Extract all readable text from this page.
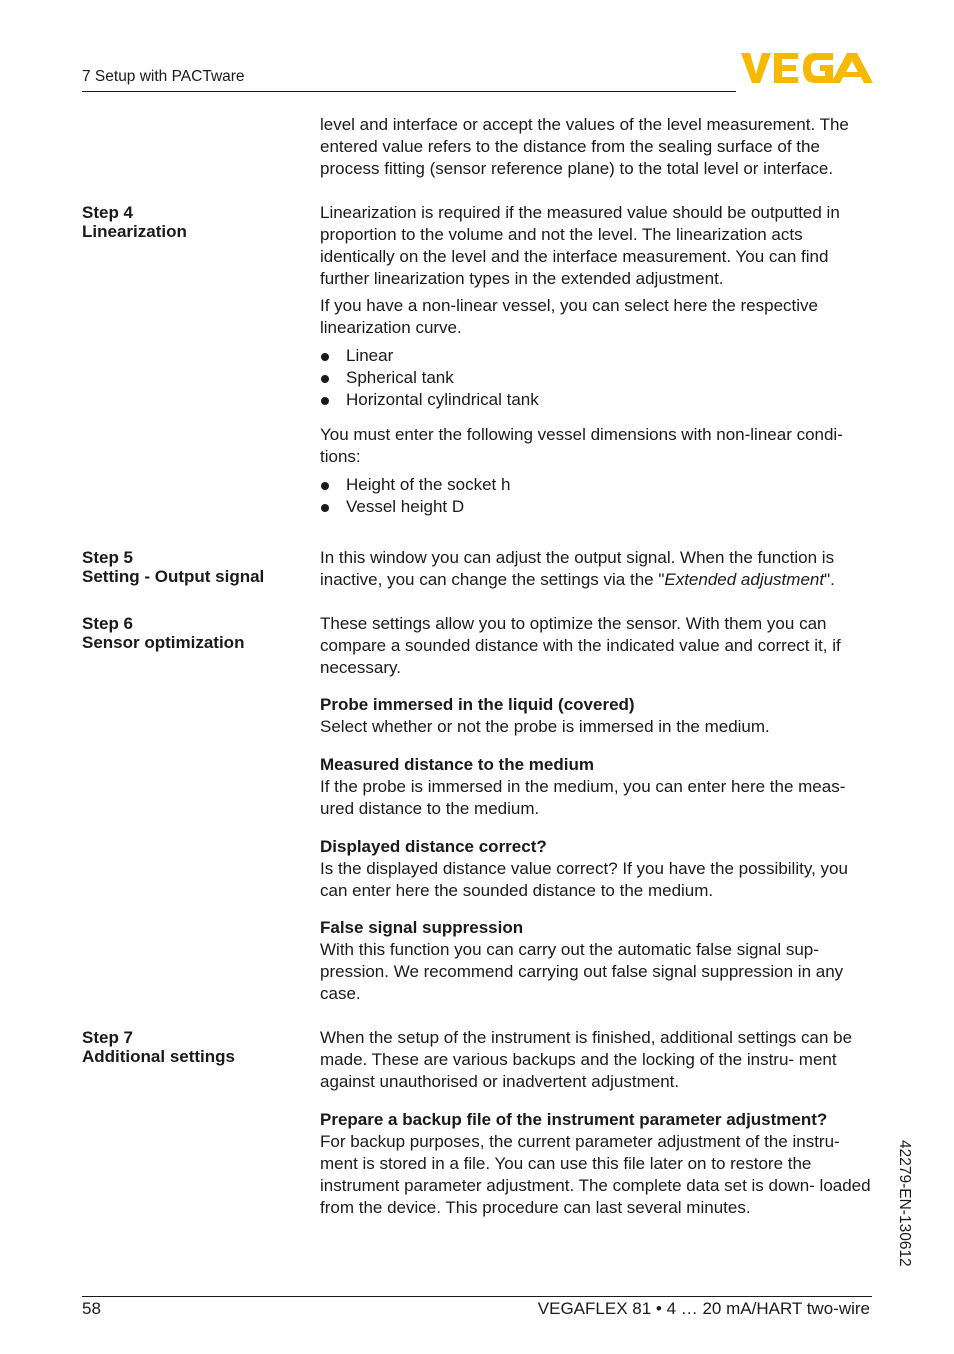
7 Setup with PACTware

level and interface or accept the values of the level measurement. The entered value refers to the distance from the sealing surface of the process fitting (sensor reference plane) to the total level or interface.

Step 4
Linearization

Linearization is required if the measured value should be outputted in proportion to the volume and not the level. The linearization acts identically on the level and the interface measurement. You can find further linearization types in the extended adjustment.

If you have a non-linear vessel, you can select here the respective linearization curve.

Linear
Spherical tank
Horizontal cylindrical tank

You must enter the following vessel dimensions with non-linear condi- tions:

Height of the socket h
Vessel height D
Step 5
Setting - Output signal

In this window you can adjust the output signal. When the function is inactive, you can change the settings via the "Extended adjustment".

Step 6
Sensor optimization

These settings allow you to optimize the sensor. With them you can compare a sounded distance with the indicated value and correct it, if necessary.

Probe immersed in the liquid (covered)
Select whether or not the probe is immersed in the medium.
Measured distance to the medium
If the probe is immersed in the medium, you can enter here the meas- ured distance to the medium.
Displayed distance correct?
Is the displayed distance value correct? If you have the possibility, you can enter here the sounded distance to the medium.
False signal suppression
With this function you can carry out the automatic false signal sup- pression. We recommend carrying out false signal suppression in any case.
Step 7
Additional settings

When the setup of the instrument is finished, additional settings can be made. These are various backups and the locking of the instru- ment against unauthorised or inadvertent adjustment.

Prepare a backup file of the instrument parameter adjustment?
For backup purposes, the current parameter adjustment of the instru- ment is stored in a file. You can use this file later on to restore the instrument parameter adjustment. The complete data set is down- loaded from the device. This procedure can last several minutes.	42279-EN-130612
58	VEGAFLEX 81 • 4 … 20 mA/HART two-wire
